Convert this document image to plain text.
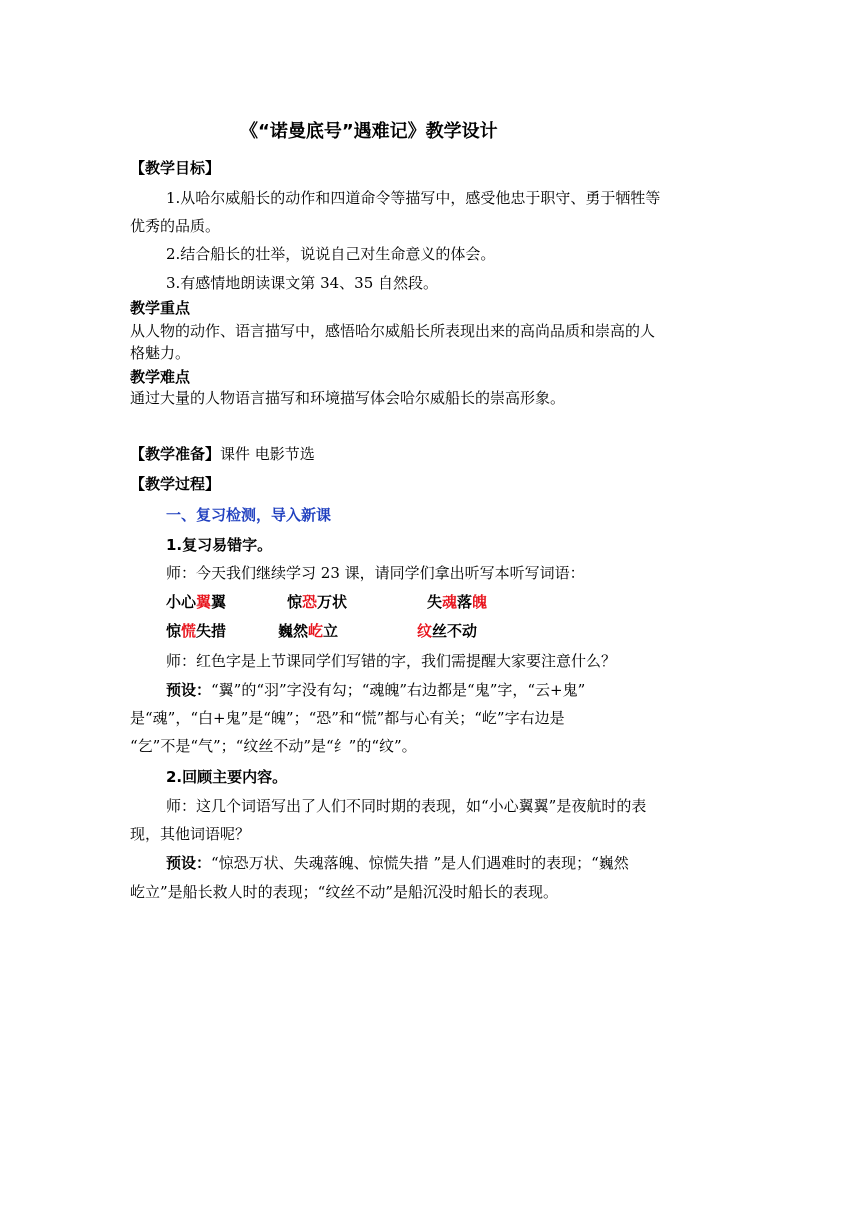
《“诺曼底号”遇难记》教学设计
【教学目标】
1.从哈尔威船长的动作和四道命令等描写中，感受他忠于职守、勇于牺牲等
优秀的品质。
2.结合船长的壮举，说说自己对生命意义的体会。
3.有感情地朗读课文第 34、35 自然段。
教学重点
从人物的动作、语言描写中，感悟哈尔威船长所表现出来的高尚品质和崇高的人
格魅力。
教学难点
通过大量的人物语言描写和环境描写体会哈尔威船长的崇高形象。
【教学准备】课件 电影节选
【教学过程】
一、复习检测，导入新课
1.复习易错字。
师：今天我们继续学习 23 课，请同学们拿出听写本听写词语：
小心翼翼	惊恐万状	失魂落魄
惊慌失措	巍然屹立	纹丝不动
师：红色字是上节课同学们写错的字，我们需提醒大家要注意什么？
预设：“翼”的“羽”字没有勾；“魂魄”右边都是“鬼”字，“云+鬼”
是“魂”，“白+鬼”是“魄”；“恐”和“慌”都与心有关；“屹”字右边是
“乞”不是“气”；“纹丝不动”是“纟”的“纹”。
2.回顾主要内容。
师：这几个词语写出了人们不同时期的表现，如“小心翼翼”是夜航时的表
现，其他词语呢？
预设：“惊恐万状、失魂落魄、惊慌失措 ”是人们遇难时的表现；“巍然
屹立”是船长救人时的表现；“纹丝不动”是船沉没时船长的表现。
